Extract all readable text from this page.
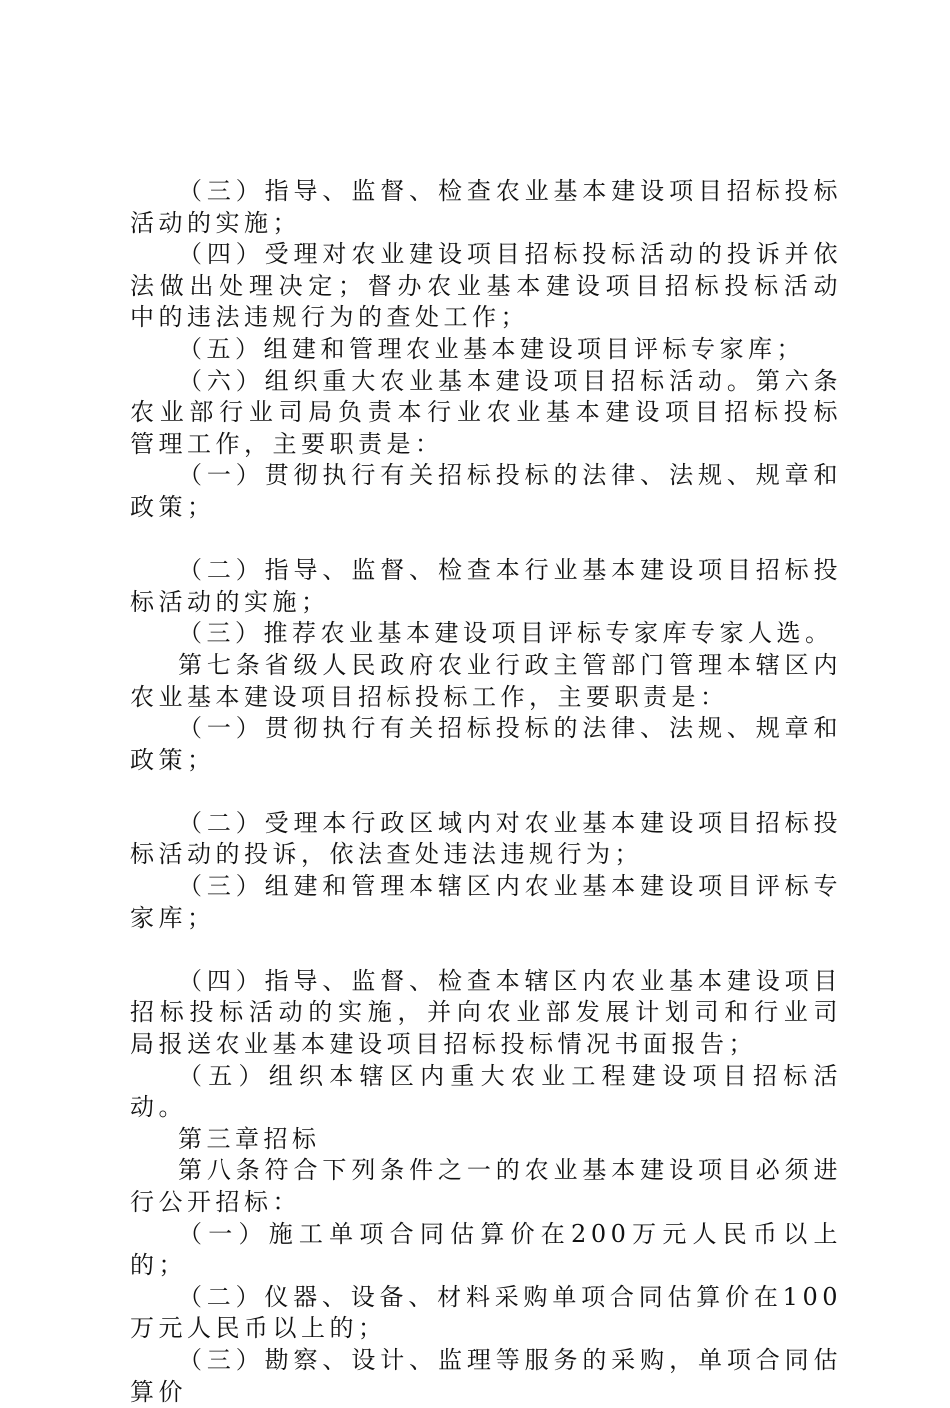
（三）指导、监督、检查农业基本建设项目招标投标活动的实施；

（四）受理对农业建设项目招标投标活动的投诉并依法做出处理决定；督办农业基本建设项目招标投标活动中的违法违规行为的查处工作；

（五）组建和管理农业基本建设项目评标专家库；

（六）组织重大农业基本建设项目招标活动。第六条农业部行业司局负责本行业农业基本建设项目招标投标管理工作，主要职责是：

（一）贯彻执行有关招标投标的法律、法规、规章和政策；

（二）指导、监督、检查本行业基本建设项目招标投标活动的实施；

（三）推荐农业基本建设项目评标专家库专家人选。

第七条省级人民政府农业行政主管部门管理本辖区内农业基本建设项目招标投标工作，主要职责是：

（一）贯彻执行有关招标投标的法律、法规、规章和政策；

（二）受理本行政区域内对农业基本建设项目招标投标活动的投诉，依法查处违法违规行为；

（三）组建和管理本辖区内农业基本建设项目评标专家库；

（四）指导、监督、检查本辖区内农业基本建设项目招标投标活动的实施，并向农业部发展计划司和行业司局报送农业基本建设项目招标投标情况书面报告；

（五）组织本辖区内重大农业工程建设项目招标活动。

第三章招标

第八条符合下列条件之一的农业基本建设项目必须进行公开招标：

（一）施工单项合同估算价在200万元人民币以上的；

（二）仪器、设备、材料采购单项合同估算价在100万元人民币以上的；

（三）勘察、设计、监理等服务的采购，单项合同估算价
